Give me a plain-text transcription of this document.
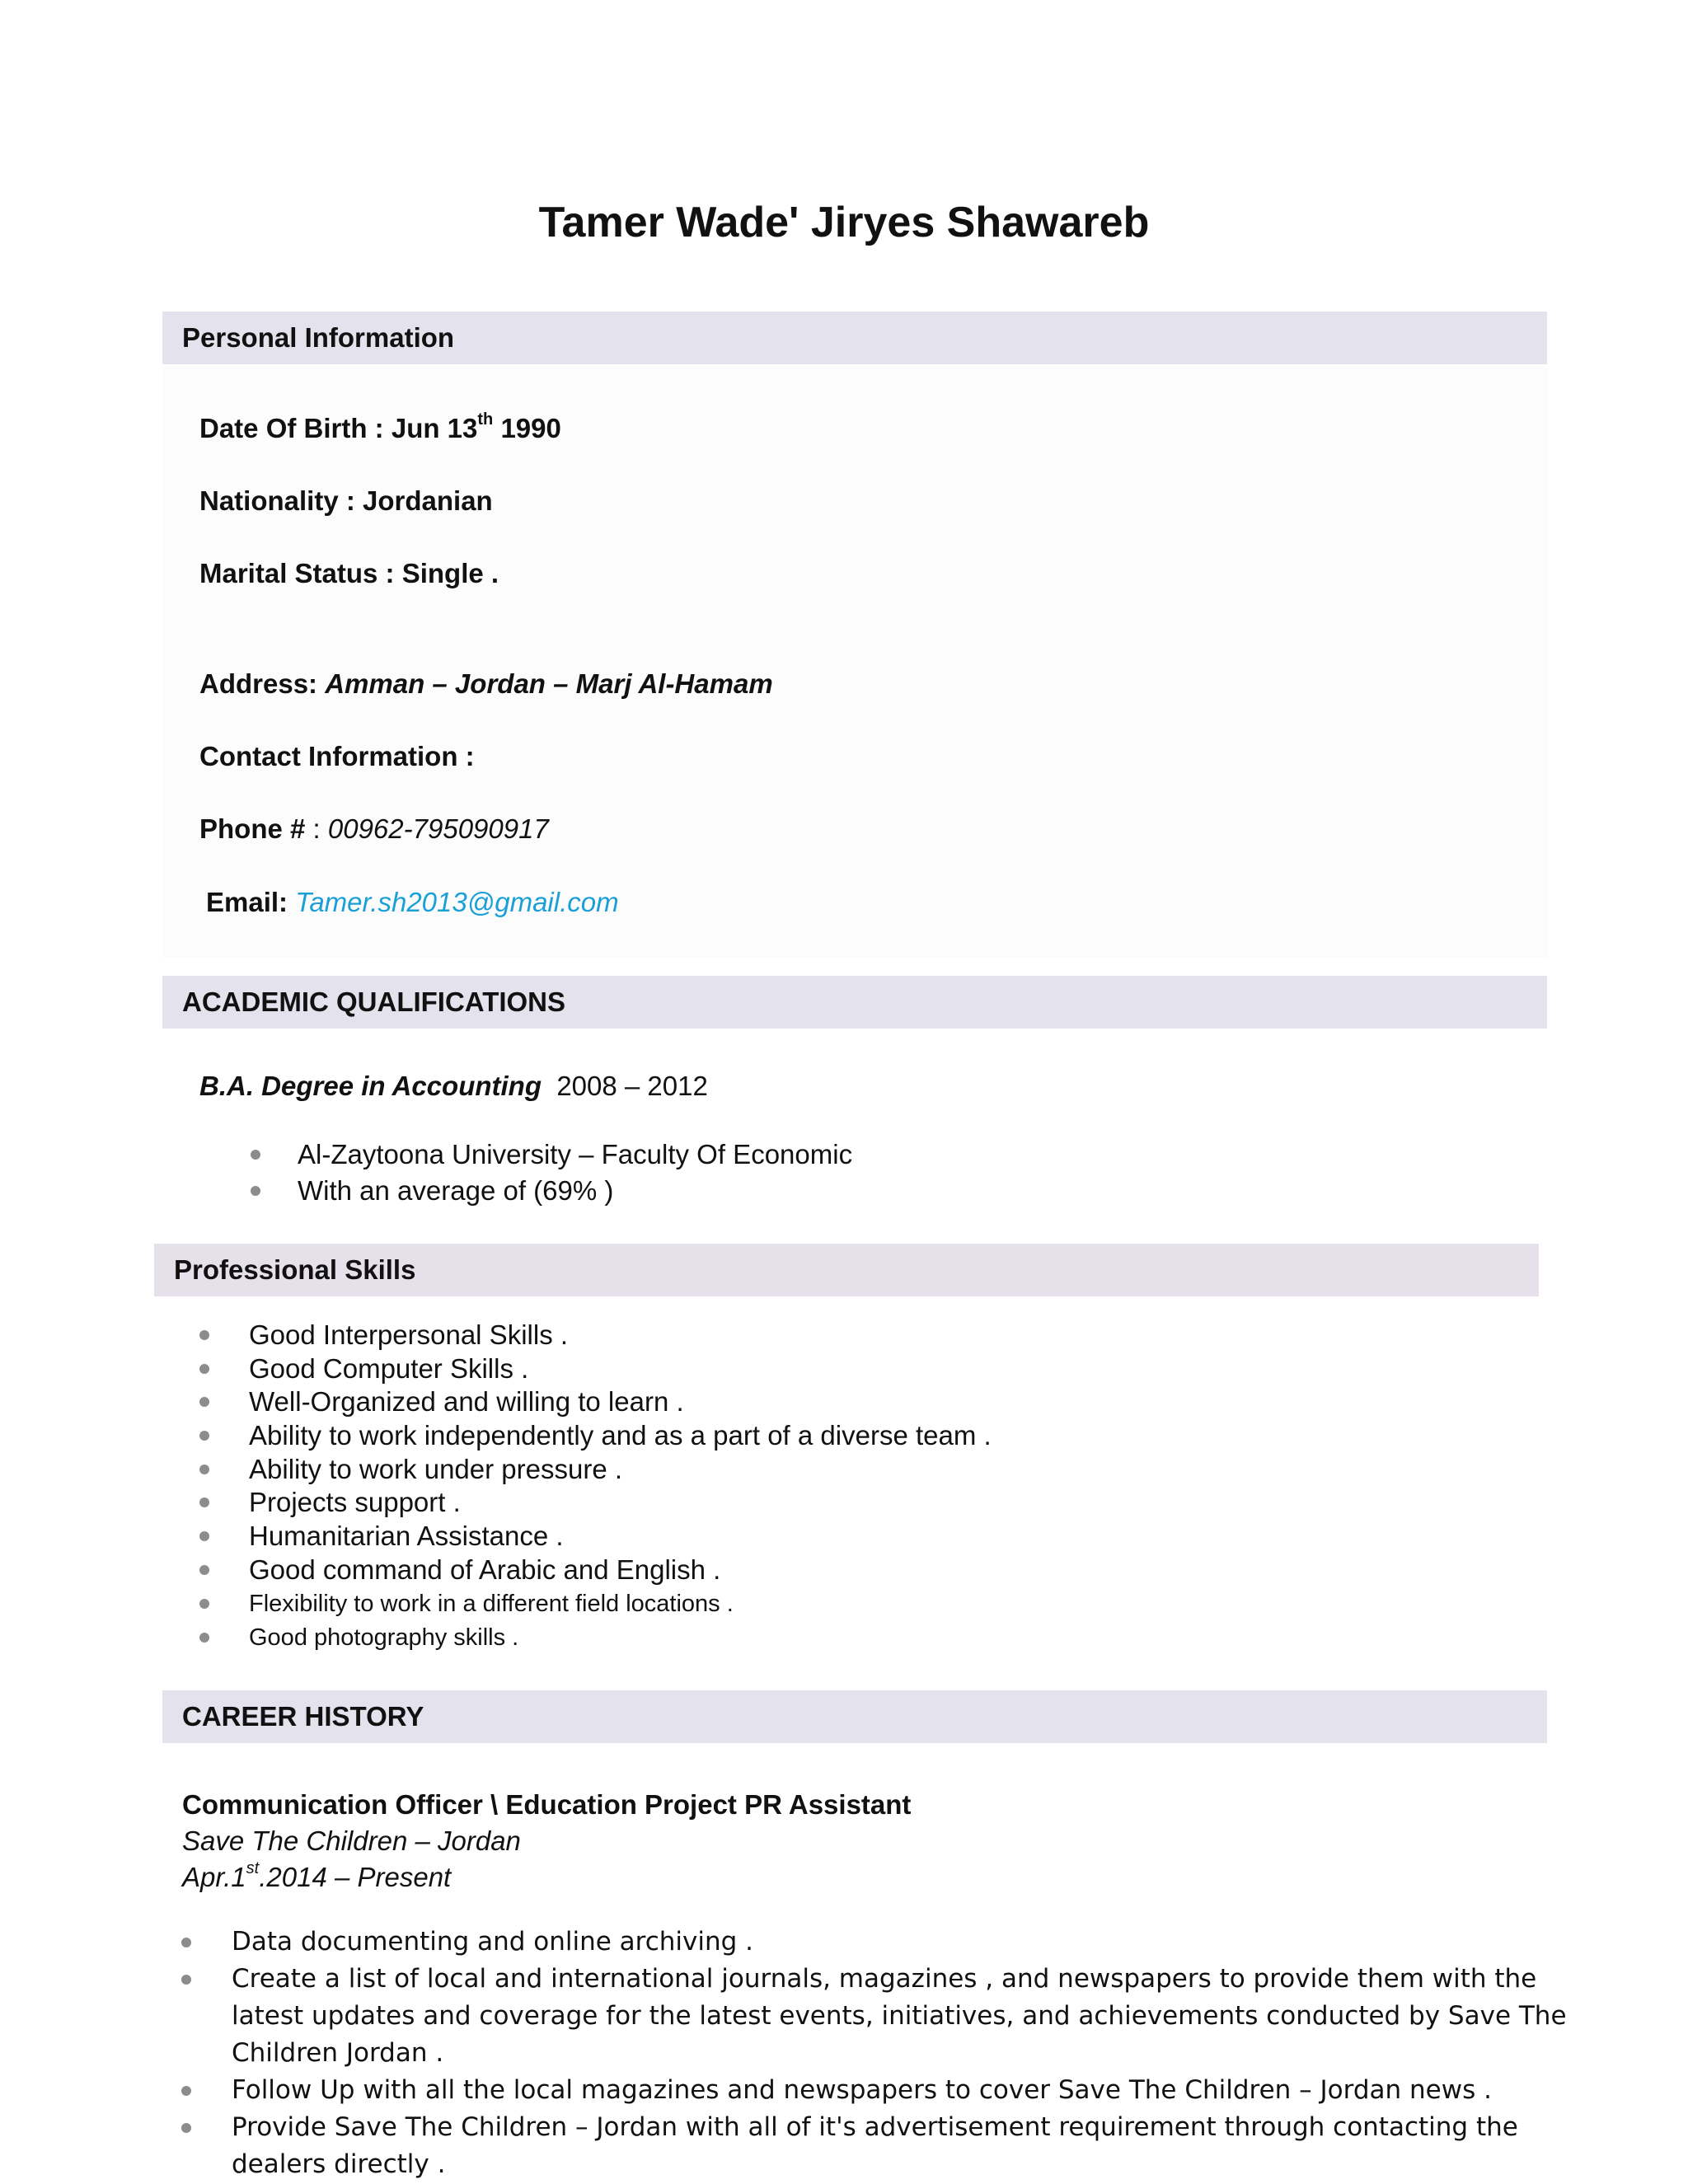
Tamer Wade' Jiryes Shawareb
Personal Information
Date Of Birth : Jun 13th 1990
Nationality : Jordanian
Marital Status : Single .
Address: Amman – Jordan – Marj Al-Hamam
Contact Information :
Phone # : 00962-795090917
Email: Tamer.sh2013@gmail.com
ACADEMIC QUALIFICATIONS
B.A. Degree in Accounting  2008 – 2012
Al-Zaytoona University – Faculty Of Economic
With an average of (69% )
Professional Skills
Good Interpersonal Skills .
Good Computer Skills .
Well-Organized and willing to learn .
Ability to work independently and as a part of a diverse team .
Ability to work under pressure .
Projects support .
Humanitarian Assistance .
Good command of Arabic and English .
Flexibility to work in a different field locations .
Good photography skills .
CAREER HISTORY
Communication Officer \ Education Project PR Assistant
Save The Children – Jordan
Apr.1st.2014 – Present
Data documenting and online archiving .
Create a list of local and international journals, magazines , and newspapers to provide them with the latest updates and coverage for the latest events, initiatives, and achievements conducted by Save The Children Jordan .
Follow Up with all the local magazines and newspapers to cover Save The Children – Jordan news .
Provide Save The Children – Jordan with all of it's advertisement requirement through contacting the dealers directly .
